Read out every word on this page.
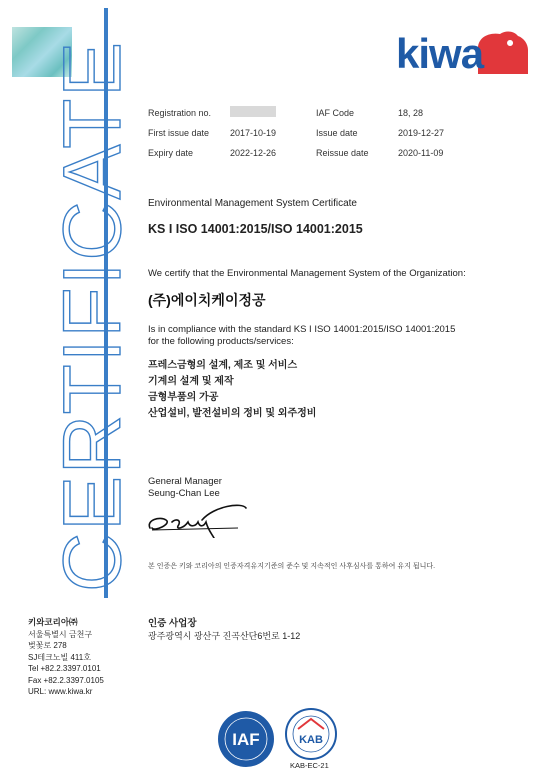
CERTIFICATE	kiwa
Registration no.
First issue date
Expiry date
2017-10-19
2022-12-26
IAF Code
Issue date
Reissue date
18, 28
2019-12-27
2020-11-09
Environmental Management System Certificate
KS I ISO 14001:2015/ISO 14001:2015
We certify that the Environmental Management System of the Organization:
(주)에이치케이정공
Is in compliance with the standard KS I ISO 14001:2015/ISO 14001:2015
for the following products/services:
프레스금형의 설계, 제조 및 서비스
기계의 설계 및 제작
금형부품의 가공
산업설비, 발전설비의 정비 및 외주정비
General Manager
Seung-Chan Lee
본 인증은 키와 코리아의 인증자격유지기준의 준수 및 지속적인 사후심사를 통하여 유지 됩니다.
키와코리아㈜
서울특별시 금천구
벚꽃로 278
SJ테크노빌 411호
Tel +82.2.3397.0101
Fax +82.2.3397.0105
URL: www.kiwa.kr
인증 사업장
광주광역시 광산구 진곡산단6번로 1-12
IAF	KAB
KAB-EC-21
